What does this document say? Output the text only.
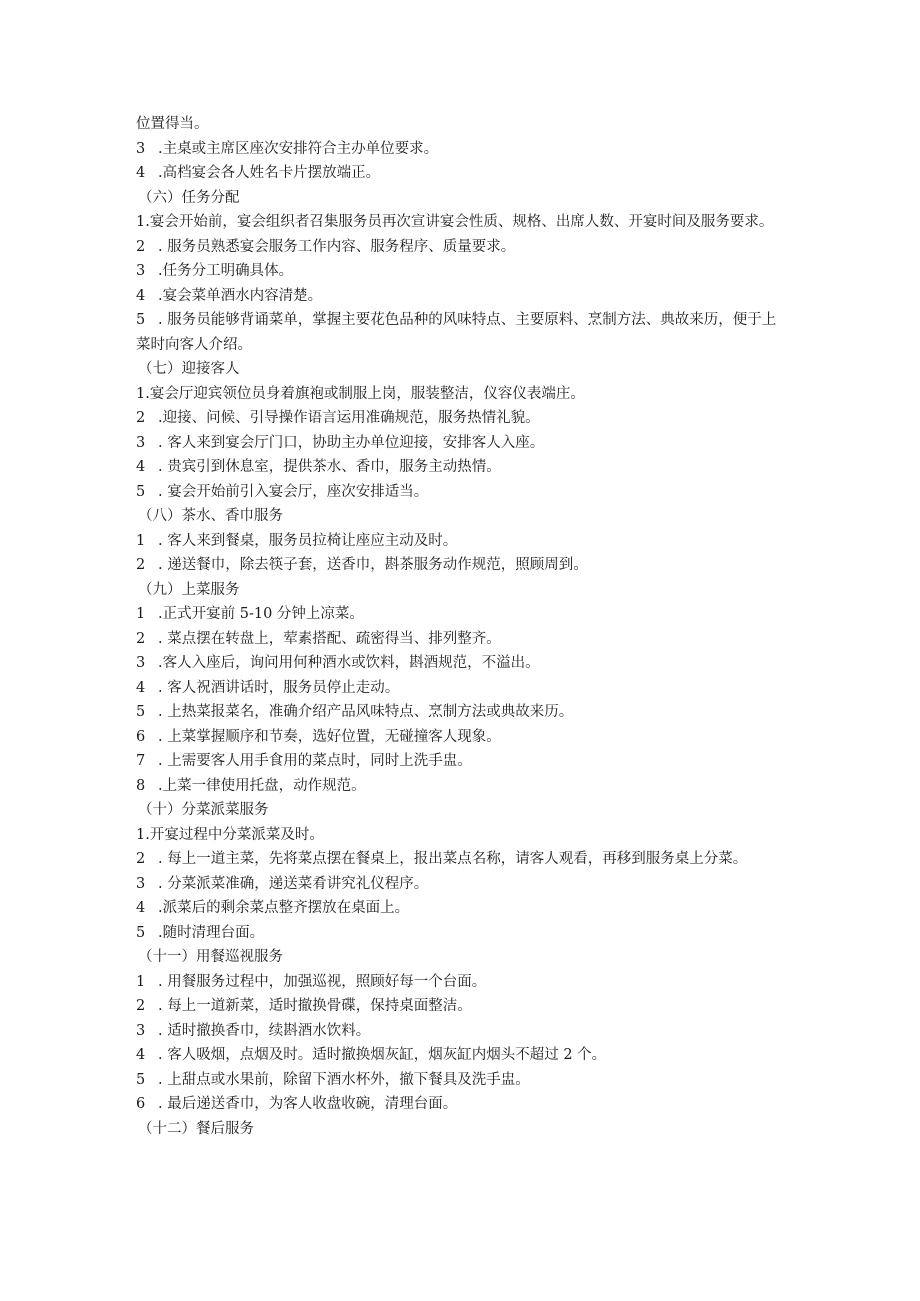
位置得当。
3 .主桌或主席区座次安排符合主办单位要求。
4 .高档宴会各人姓名卡片摆放端正。
（六）任务分配
1.宴会开始前，宴会组织者召集服务员再次宣讲宴会性质、规格、出席人数、开宴时间及服务要求。
2 . 服务员熟悉宴会服务工作内容、服务程序、质量要求。
3 .任务分工明确具体。
4 .宴会菜单酒水内容清楚。
5 . 服务员能够背诵菜单，掌握主要花色品种的风味特点、主要原料、烹制方法、典故来历，便于上菜时向客人介绍。
（七）迎接客人
1.宴会厅迎宾领位员身着旗袍或制服上岗，服装整洁，仪容仪表端庄。
2 .迎接、问候、引导操作语言运用准确规范，服务热情礼貌。
3 . 客人来到宴会厅门口，协助主办单位迎接，安排客人入座。
4 . 贵宾引到休息室，提供茶水、香巾，服务主动热情。
5 . 宴会开始前引入宴会厅，座次安排适当。
（八）茶水、香巾服务
1 . 客人来到餐桌，服务员拉椅让座应主动及时。
2 . 递送餐巾，除去筷子套，送香巾，斟茶服务动作规范，照顾周到。
（九）上菜服务
1 .正式开宴前 5-10 分钟上凉菜。
2 . 菜点摆在转盘上，荤素搭配、疏密得当、排列整齐。
3 .客人入座后，询问用何种酒水或饮料，斟酒规范，不溢出。
4 . 客人祝酒讲话时，服务员停止走动。
5 . 上热菜报菜名，准确介绍产品风味特点、烹制方法或典故来历。
6 . 上菜掌握顺序和节奏，选好位置，无碰撞客人现象。
7 . 上需要客人用手食用的菜点时，同时上洗手盅。
8 .上菜一律使用托盘，动作规范。
（十）分菜派菜服务
1.开宴过程中分菜派菜及时。
2 . 每上一道主菜，先将菜点摆在餐桌上，报出菜点名称，请客人观看，再移到服务桌上分菜。
3 . 分菜派菜准确，递送菜肴讲究礼仪程序。
4 .派菜后的剩余菜点整齐摆放在桌面上。
5 .随时清理台面。
（十一）用餐巡视服务
1 . 用餐服务过程中，加强巡视，照顾好每一个台面。
2 . 每上一道新菜，适时撤换骨碟，保持桌面整洁。
3 . 适时撤换香巾，续斟酒水饮料。
4 . 客人吸烟，点烟及时。适时撤换烟灰缸，烟灰缸内烟头不超过 2 个。
5 . 上甜点或水果前，除留下酒水杯外，撤下餐具及洗手盅。
6 . 最后递送香巾，为客人收盘收碗，清理台面。
（十二）餐后服务
